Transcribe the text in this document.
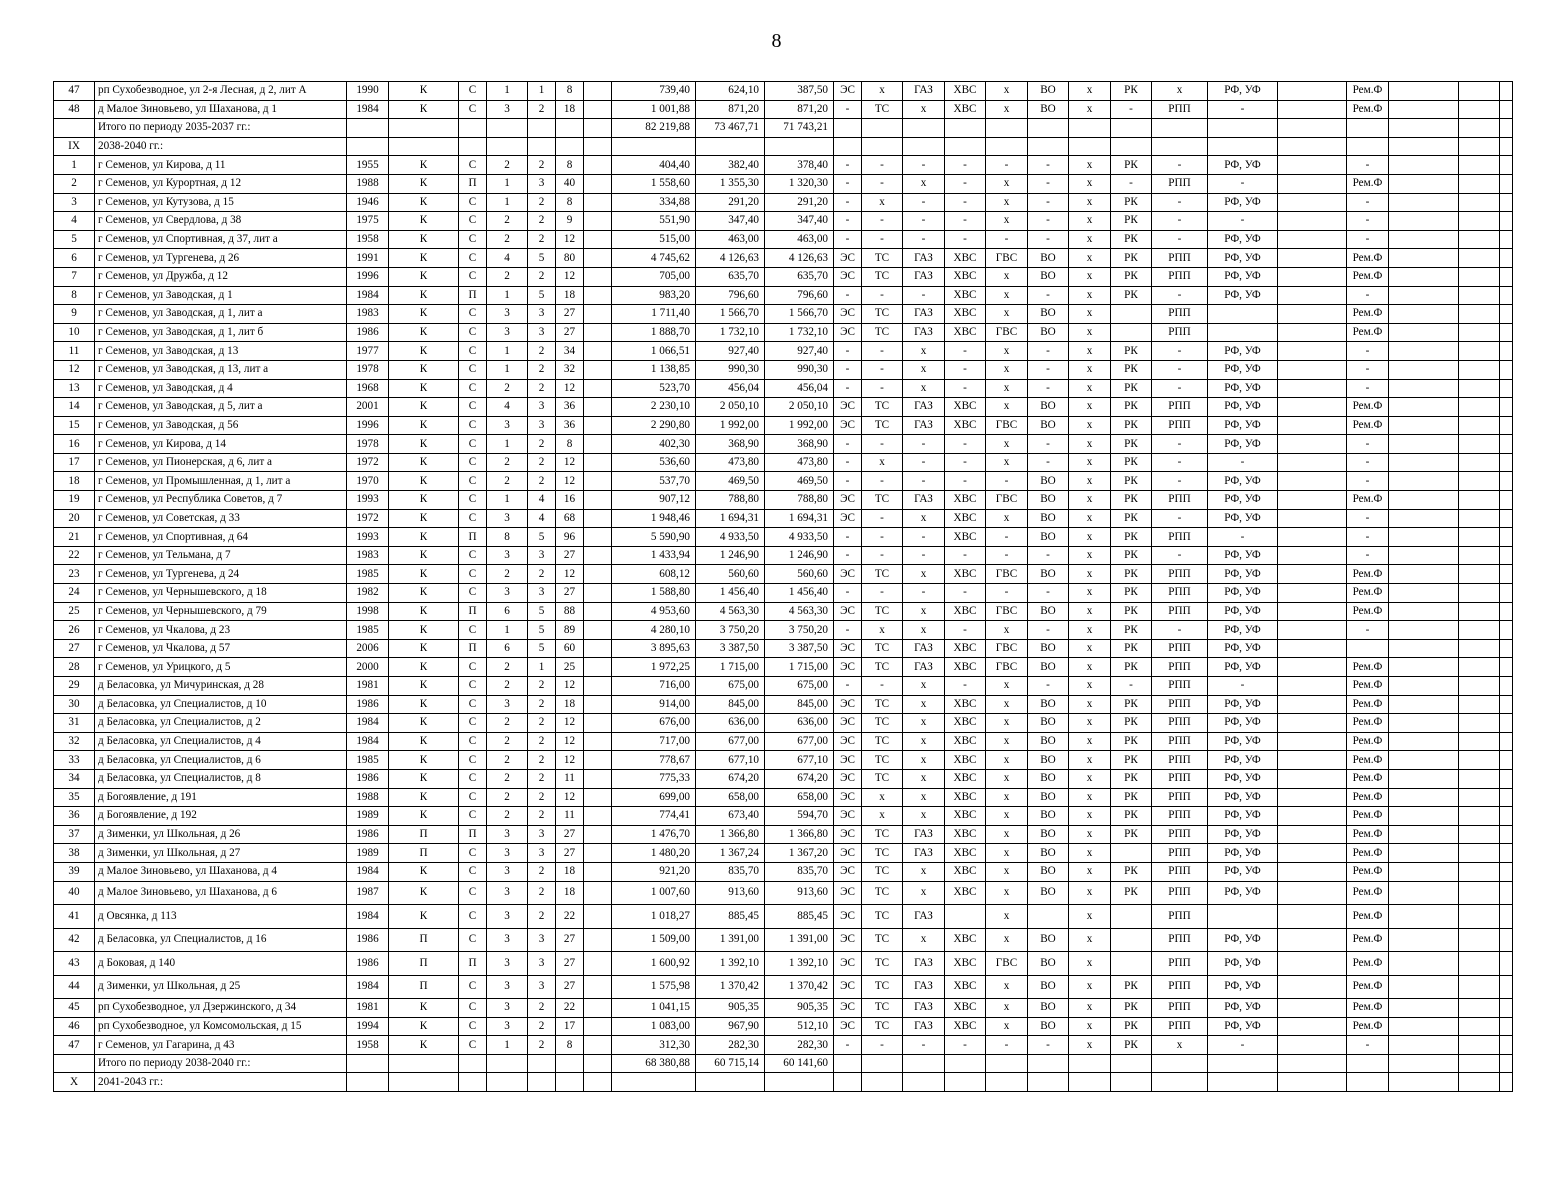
8
47	рп Сухобезводное, ул 2-я Лесная, д 2, лит А	1990	К	С	1	1	8		739,40	624,10	387,50	ЭС	х	ГАЗ	ХВС	х	ВО	х	РК	х	РФ, УФ		Рем.Ф			
48	д Малое Зиновьево, ул Шаханова, д 1	1984	К	С	3	2	18		1 001,88	871,20	871,20	-	ТС	х	ХВС	х	ВО	х	-	РПП	-		Рем.Ф			
	Итого по периоду 2035-2037 гг.:								82 219,88	73 467,71	71 743,21															
IX	2038-2040 гг.:																									
1	г Семенов, ул Кирова, д 11	1955	К	С	2	2	8		404,40	382,40	378,40	-	-	-	-	-	-	х	РК	-	РФ, УФ		-			
2	г Семенов, ул Курортная, д 12	1988	К	П	1	3	40		1 558,60	1 355,30	1 320,30	-	-	х	-	х	-	х	-	РПП	-		Рем.Ф			
3	г Семенов, ул Кутузова, д 15	1946	К	С	1	2	8		334,88	291,20	291,20	-	х	-	-	х	-	х	РК	-	РФ, УФ		-			
4	г Семенов, ул Свердлова, д 38	1975	К	С	2	2	9		551,90	347,40	347,40	-	-	-	-	х	-	х	РК	-	-		-			
5	г Семенов, ул Спортивная, д 37, лит а	1958	К	С	2	2	12		515,00	463,00	463,00	-	-	-	-	-	-	х	РК	-	РФ, УФ		-			
6	г Семенов, ул Тургенева, д 26	1991	К	С	4	5	80		4 745,62	4 126,63	4 126,63	ЭС	ТС	ГАЗ	ХВС	ГВС	ВО	х	РК	РПП	РФ, УФ		Рем.Ф			
7	г Семенов, ул Дружба, д 12	1996	К	С	2	2	12		705,00	635,70	635,70	ЭС	ТС	ГАЗ	ХВС	х	ВО	х	РК	РПП	РФ, УФ		Рем.Ф			
8	г Семенов, ул Заводская, д 1	1984	К	П	1	5	18		983,20	796,60	796,60	-	-	-	ХВС	х	-	х	РК	-	РФ, УФ		-			
9	г Семенов, ул Заводская, д 1, лит а	1983	К	С	3	3	27		1 711,40	1 566,70	1 566,70	ЭС	ТС	ГАЗ	ХВС	х	ВО	х		РПП			Рем.Ф			
10	г Семенов, ул Заводская, д 1, лит б	1986	К	С	3	3	27		1 888,70	1 732,10	1 732,10	ЭС	ТС	ГАЗ	ХВС	ГВС	ВО	х		РПП			Рем.Ф			
11	г Семенов, ул Заводская, д 13	1977	К	С	1	2	34		1 066,51	927,40	927,40	-	-	х	-	х	-	х	РК	-	РФ, УФ		-			
12	г Семенов, ул Заводская, д 13, лит а	1978	К	С	1	2	32		1 138,85	990,30	990,30	-	-	х	-	х	-	х	РК	-	РФ, УФ		-			
13	г Семенов, ул Заводская, д 4	1968	К	С	2	2	12		523,70	456,04	456,04	-	-	х	-	х	-	х	РК	-	РФ, УФ		-			
14	г Семенов, ул Заводская, д 5, лит а	2001	К	С	4	3	36		2 230,10	2 050,10	2 050,10	ЭС	ТС	ГАЗ	ХВС	х	ВО	х	РК	РПП	РФ, УФ		Рем.Ф			
15	г Семенов, ул Заводская, д 56	1996	К	С	3	3	36		2 290,80	1 992,00	1 992,00	ЭС	ТС	ГАЗ	ХВС	ГВС	ВО	х	РК	РПП	РФ, УФ		Рем.Ф			
16	г Семенов, ул Кирова, д 14	1978	К	С	1	2	8		402,30	368,90	368,90	-	-	-	-	х	-	х	РК	-	РФ, УФ		-			
17	г Семенов, ул Пионерская, д 6, лит а	1972	К	С	2	2	12		536,60	473,80	473,80	-	х	-	-	х	-	х	РК	-	-		-			
18	г Семенов, ул Промышленная, д 1, лит а	1970	К	С	2	2	12		537,70	469,50	469,50	-	-	-	-	-	ВО	х	РК	-	РФ, УФ		-			
19	г Семенов, ул Республика Советов, д 7	1993	К	С	1	4	16		907,12	788,80	788,80	ЭС	ТС	ГАЗ	ХВС	ГВС	ВО	х	РК	РПП	РФ, УФ		Рем.Ф			
20	г Семенов, ул Советская, д 33	1972	К	С	3	4	68		1 948,46	1 694,31	1 694,31	ЭС	-	х	ХВС	х	ВО	х	РК	-	РФ, УФ		-			
21	г Семенов, ул Спортивная, д 64	1993	К	П	8	5	96		5 590,90	4 933,50	4 933,50	-	-	-	ХВС	-	ВО	х	РК	РПП	-		-			
22	г Семенов, ул Тельмана, д 7	1983	К	С	3	3	27		1 433,94	1 246,90	1 246,90	-	-	-	-	-	-	х	РК	-	РФ, УФ		-			
23	г Семенов, ул Тургенева, д 24	1985	К	С	2	2	12		608,12	560,60	560,60	ЭС	ТС	х	ХВС	ГВС	ВО	х	РК	РПП	РФ, УФ		Рем.Ф			
24	г Семенов, ул Чернышевского, д 18	1982	К	С	3	3	27		1 588,80	1 456,40	1 456,40	-	-	-	-	-	-	х	РК	РПП	РФ, УФ		Рем.Ф			
25	г Семенов, ул Чернышевского, д 79	1998	К	П	6	5	88		4 953,60	4 563,30	4 563,30	ЭС	ТС	х	ХВС	ГВС	ВО	х	РК	РПП	РФ, УФ		Рем.Ф			
26	г Семенов, ул Чкалова, д 23	1985	К	С	1	5	89		4 280,10	3 750,20	3 750,20	-	х	х	-	х	-	х	РК	-	РФ, УФ		-			
27	г Семенов, ул Чкалова, д 57	2006	К	П	6	5	60		3 895,63	3 387,50	3 387,50	ЭС	ТС	ГАЗ	ХВС	ГВС	ВО	х	РК	РПП	РФ, УФ					
28	г Семенов, ул Урицкого, д 5	2000	К	С	2	1	25		1 972,25	1 715,00	1 715,00	ЭС	ТС	ГАЗ	ХВС	ГВС	ВО	х	РК	РПП	РФ, УФ		Рем.Ф			
29	д Беласовка, ул Мичуринская, д 28	1981	К	С	2	2	12		716,00	675,00	675,00	-	-	х	-	х	-	х	-	РПП	-		Рем.Ф			
30	д Беласовка, ул Специалистов, д 10	1986	К	С	3	2	18		914,00	845,00	845,00	ЭС	ТС	х	ХВС	х	ВО	х	РК	РПП	РФ, УФ		Рем.Ф			
31	д Беласовка, ул Специалистов, д 2	1984	К	С	2	2	12		676,00	636,00	636,00	ЭС	ТС	х	ХВС	х	ВО	х	РК	РПП	РФ, УФ		Рем.Ф			
32	д Беласовка, ул Специалистов, д 4	1984	К	С	2	2	12		717,00	677,00	677,00	ЭС	ТС	х	ХВС	х	ВО	х	РК	РПП	РФ, УФ		Рем.Ф			
33	д Беласовка, ул Специалистов, д 6	1985	К	С	2	2	12		778,67	677,10	677,10	ЭС	ТС	х	ХВС	х	ВО	х	РК	РПП	РФ, УФ		Рем.Ф			
34	д Беласовка, ул Специалистов, д 8	1986	К	С	2	2	11		775,33	674,20	674,20	ЭС	ТС	х	ХВС	х	ВО	х	РК	РПП	РФ, УФ		Рем.Ф			
35	д Богоявление, д 191	1988	К	С	2	2	12		699,00	658,00	658,00	ЭС	х	х	ХВС	х	ВО	х	РК	РПП	РФ, УФ		Рем.Ф			
36	д Богоявление, д 192	1989	К	С	2	2	11		774,41	673,40	594,70	ЭС	х	х	ХВС	х	ВО	х	РК	РПП	РФ, УФ		Рем.Ф			
37	д Зименки, ул Школьная, д 26	1986	П	П	3	3	27		1 476,70	1 366,80	1 366,80	ЭС	ТС	ГАЗ	ХВС	х	ВО	х	РК	РПП	РФ, УФ		Рем.Ф			
38	д Зименки, ул Школьная, д 27	1989	П	С	3	3	27		1 480,20	1 367,24	1 367,20	ЭС	ТС	ГАЗ	ХВС	х	ВО	х		РПП	РФ, УФ		Рем.Ф			
39	д Малое Зиновьево, ул Шаханова, д 4	1984	К	С	3	2	18		921,20	835,70	835,70	ЭС	ТС	х	ХВС	х	ВО	х	РК	РПП	РФ, УФ		Рем.Ф			
40	д Малое Зиновьево, ул Шаханова, д 6	1987	К	С	3	2	18		1 007,60	913,60	913,60	ЭС	ТС	х	ХВС	х	ВО	х	РК	РПП	РФ, УФ		Рем.Ф			
41	д Овсянка, д 113	1984	К	С	3	2	22		1 018,27	885,45	885,45	ЭС	ТС	ГАЗ		х		х		РПП			Рем.Ф			
42	д Беласовка, ул Специалистов, д 16	1986	П	С	3	3	27		1 509,00	1 391,00	1 391,00	ЭС	ТС	х	ХВС	х	ВО	х		РПП	РФ, УФ		Рем.Ф			
43	д Боковая, д 140	1986	П	П	3	3	27		1 600,92	1 392,10	1 392,10	ЭС	ТС	ГАЗ	ХВС	ГВС	ВО	х		РПП	РФ, УФ		Рем.Ф			
44	д Зименки, ул Школьная, д 25	1984	П	С	3	3	27		1 575,98	1 370,42	1 370,42	ЭС	ТС	ГАЗ	ХВС	х	ВО	х	РК	РПП	РФ, УФ		Рем.Ф			
45	рп Сухобезводное, ул Дзержинского, д 34	1981	К	С	3	2	22		1 041,15	905,35	905,35	ЭС	ТС	ГАЗ	ХВС	х	ВО	х	РК	РПП	РФ, УФ		Рем.Ф			
46	рп Сухобезводное, ул Комсомольская, д 15	1994	К	С	3	2	17		1 083,00	967,90	512,10	ЭС	ТС	ГАЗ	ХВС	х	ВО	х	РК	РПП	РФ, УФ		Рем.Ф			
47	г Семенов, ул Гагарина, д 43	1958	К	С	1	2	8		312,30	282,30	282,30	-	-	-	-	-	-	х	РК	х	-		-			
	Итого по периоду 2038-2040 гг.:								68 380,88	60 715,14	60 141,60															
X	2041-2043 гг.:																									
